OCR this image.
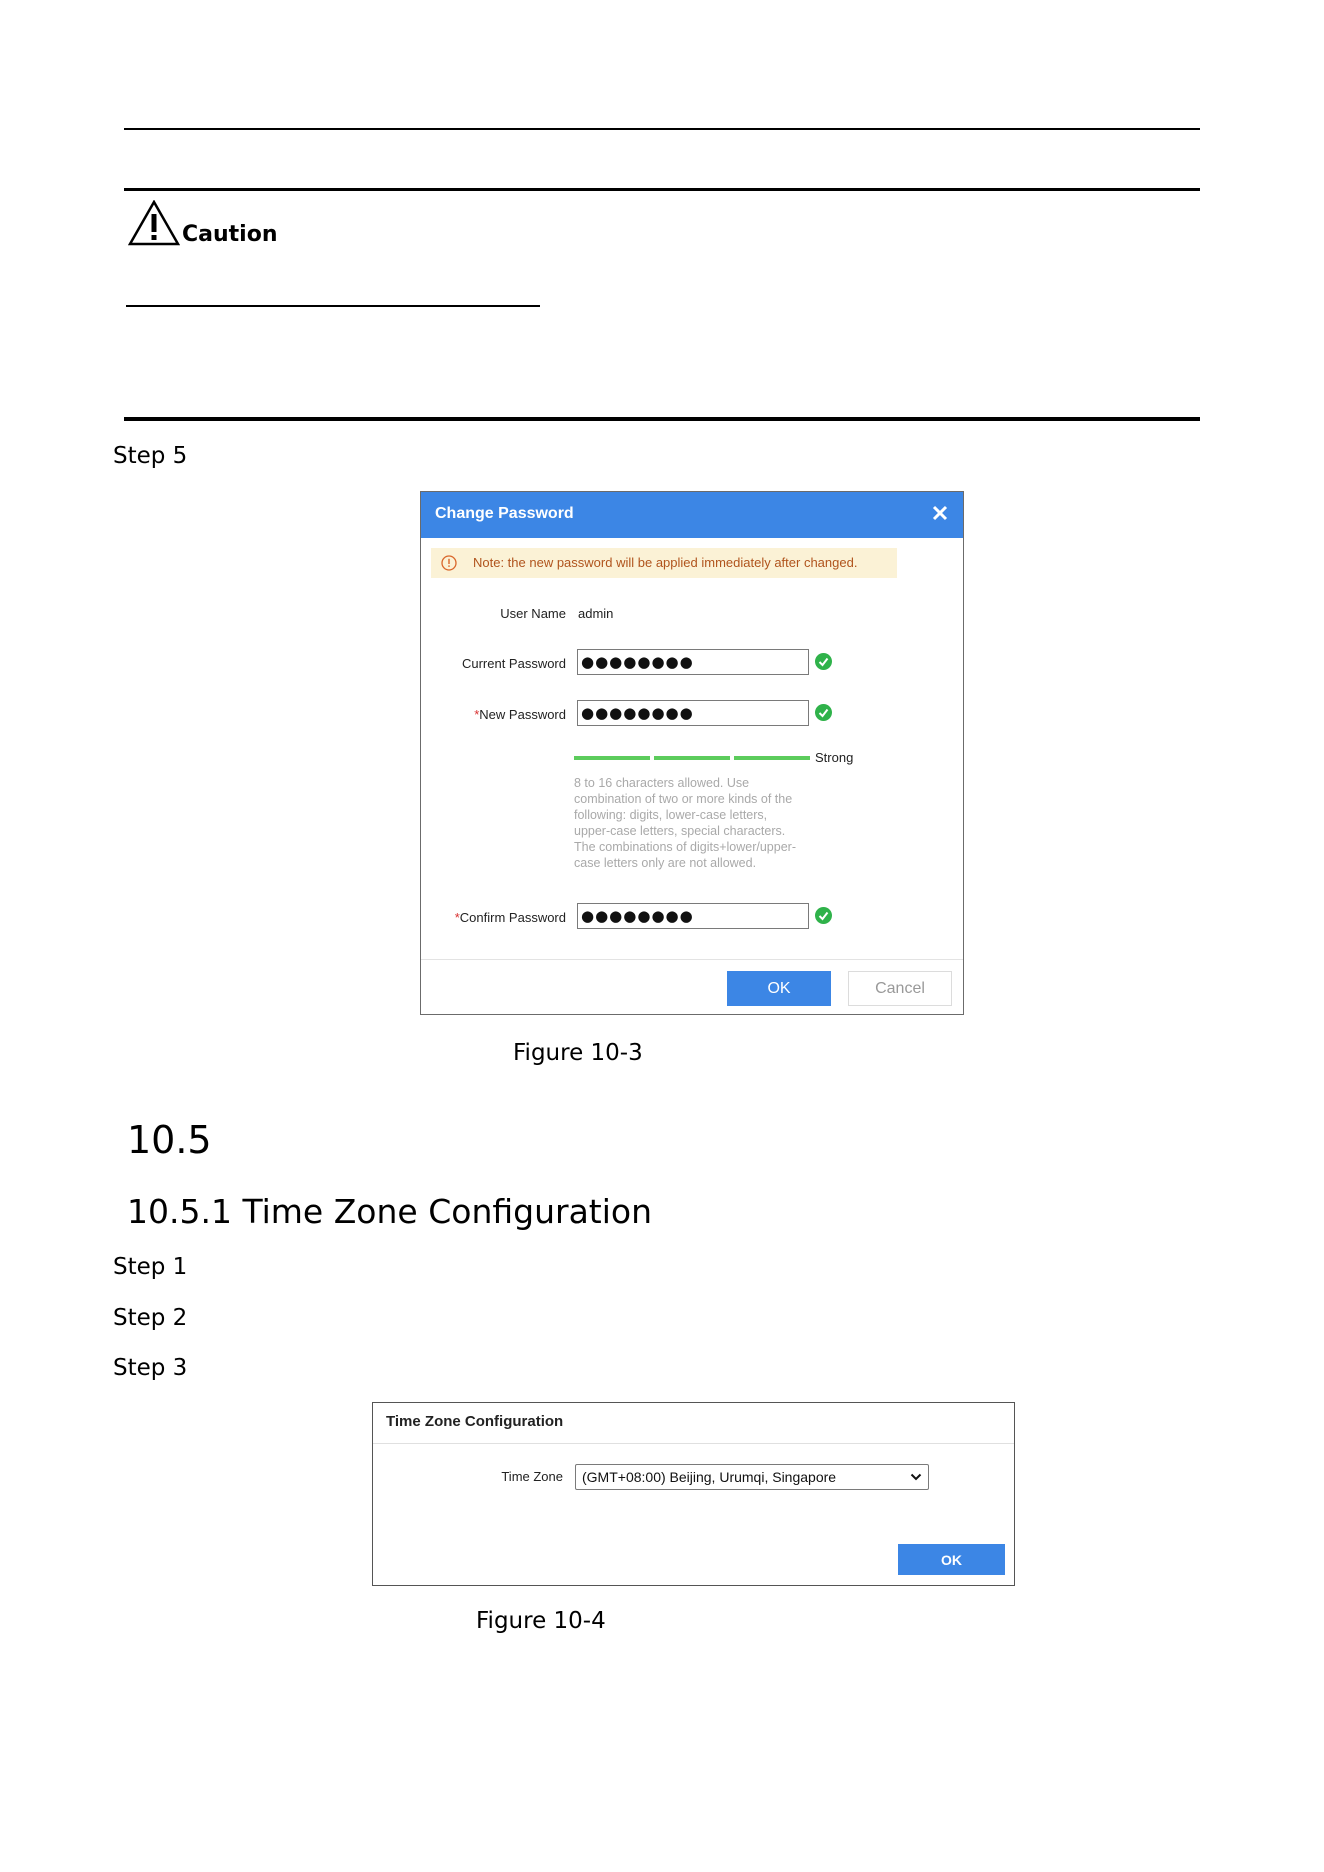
Caution
Step 5
Change Password
Note: the new password will be applied immediately after changed.
User Name admin
Current Password ●●●●●●●●
*New Password ●●●●●●●●
Strong
8 to 16 characters allowed. Use combination of two or more kinds of the following: digits, lower-case letters, upper-case letters, special characters. The combinations of digits+lower/upper-case letters only are not allowed.
*Confirm Password ●●●●●●●●
OK	Cancel
Figure 10-3
10.5
10.5.1 Time Zone Configuration
Step 1
Step 2
Step 3
Time Zone Configuration
Time Zone	(GMT+08:00) Beijing, Urumqi, Singapore
OK
Figure 10-4
